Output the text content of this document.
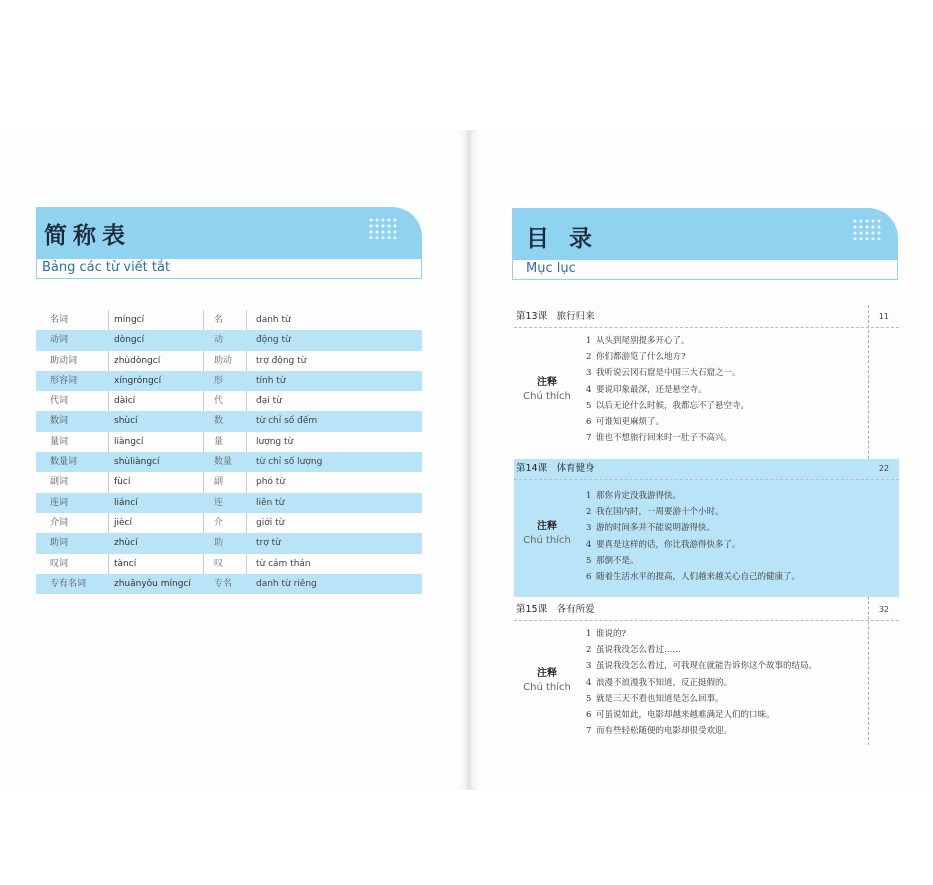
简称表
Bảng các từ viết tắt
名词	míngcí	名	danh từ
动词	dòngcí	动	động từ
助动词	zhùdòngcí	助动	trợ động từ
形容词	xíngróngcí	形	tính từ
代词	dàicí	代	đại từ
数词	shùcí	数	từ chỉ số đếm
量词	liàngcí	量	lượng từ
数量词	shùliàngcí	数量	từ chỉ số lượng
副词	fùcí	副	phó từ
连词	liáncí	连	liên từ
介词	jiècí	介	giới từ
助词	zhùcí	助	trợ từ
叹词	tàncí	叹	từ cảm thán
专有名词	zhuānyǒu míngcí	专名	danh từ riêng
目 录
Mục lục
第13课　旅行归来	11
注释
Chú thích
1 从头到尾别提多开心了。
2 你们都游览了什么地方?
3 我听说云冈石窟是中国三大石窟之一。
4 要说印象最深，还是悬空寺。
5 以后无论什么时候，我都忘不了悬空寺。
6 可谁知更麻烦了。
7 谁也不想旅行回来时一肚子不高兴。
第14课　体育健身	22
注释
Chú thích
1 那你肯定没我游得快。
2 我在国内时，一周要游十个小时。
3 游的时间多并不能说明游得快。
4 要真是这样的话，你比我游得快多了。
5 那倒不是。
6 随着生活水平的提高，人们越来越关心自己的健康了。
第15课　各有所爱	32
注释
Chú thích
1 谁说的?
2 虽说我没怎么看过……
3 虽说我没怎么看过，可我现在就能告诉你这个故事的结局。
4 浪漫不浪漫我不知道，反正挺假的。
5 就是三天不看也知道是怎么回事。
6 可虽说如此，电影却越来越难满足人们的口味。
7 而有些轻松随便的电影却很受欢迎。
